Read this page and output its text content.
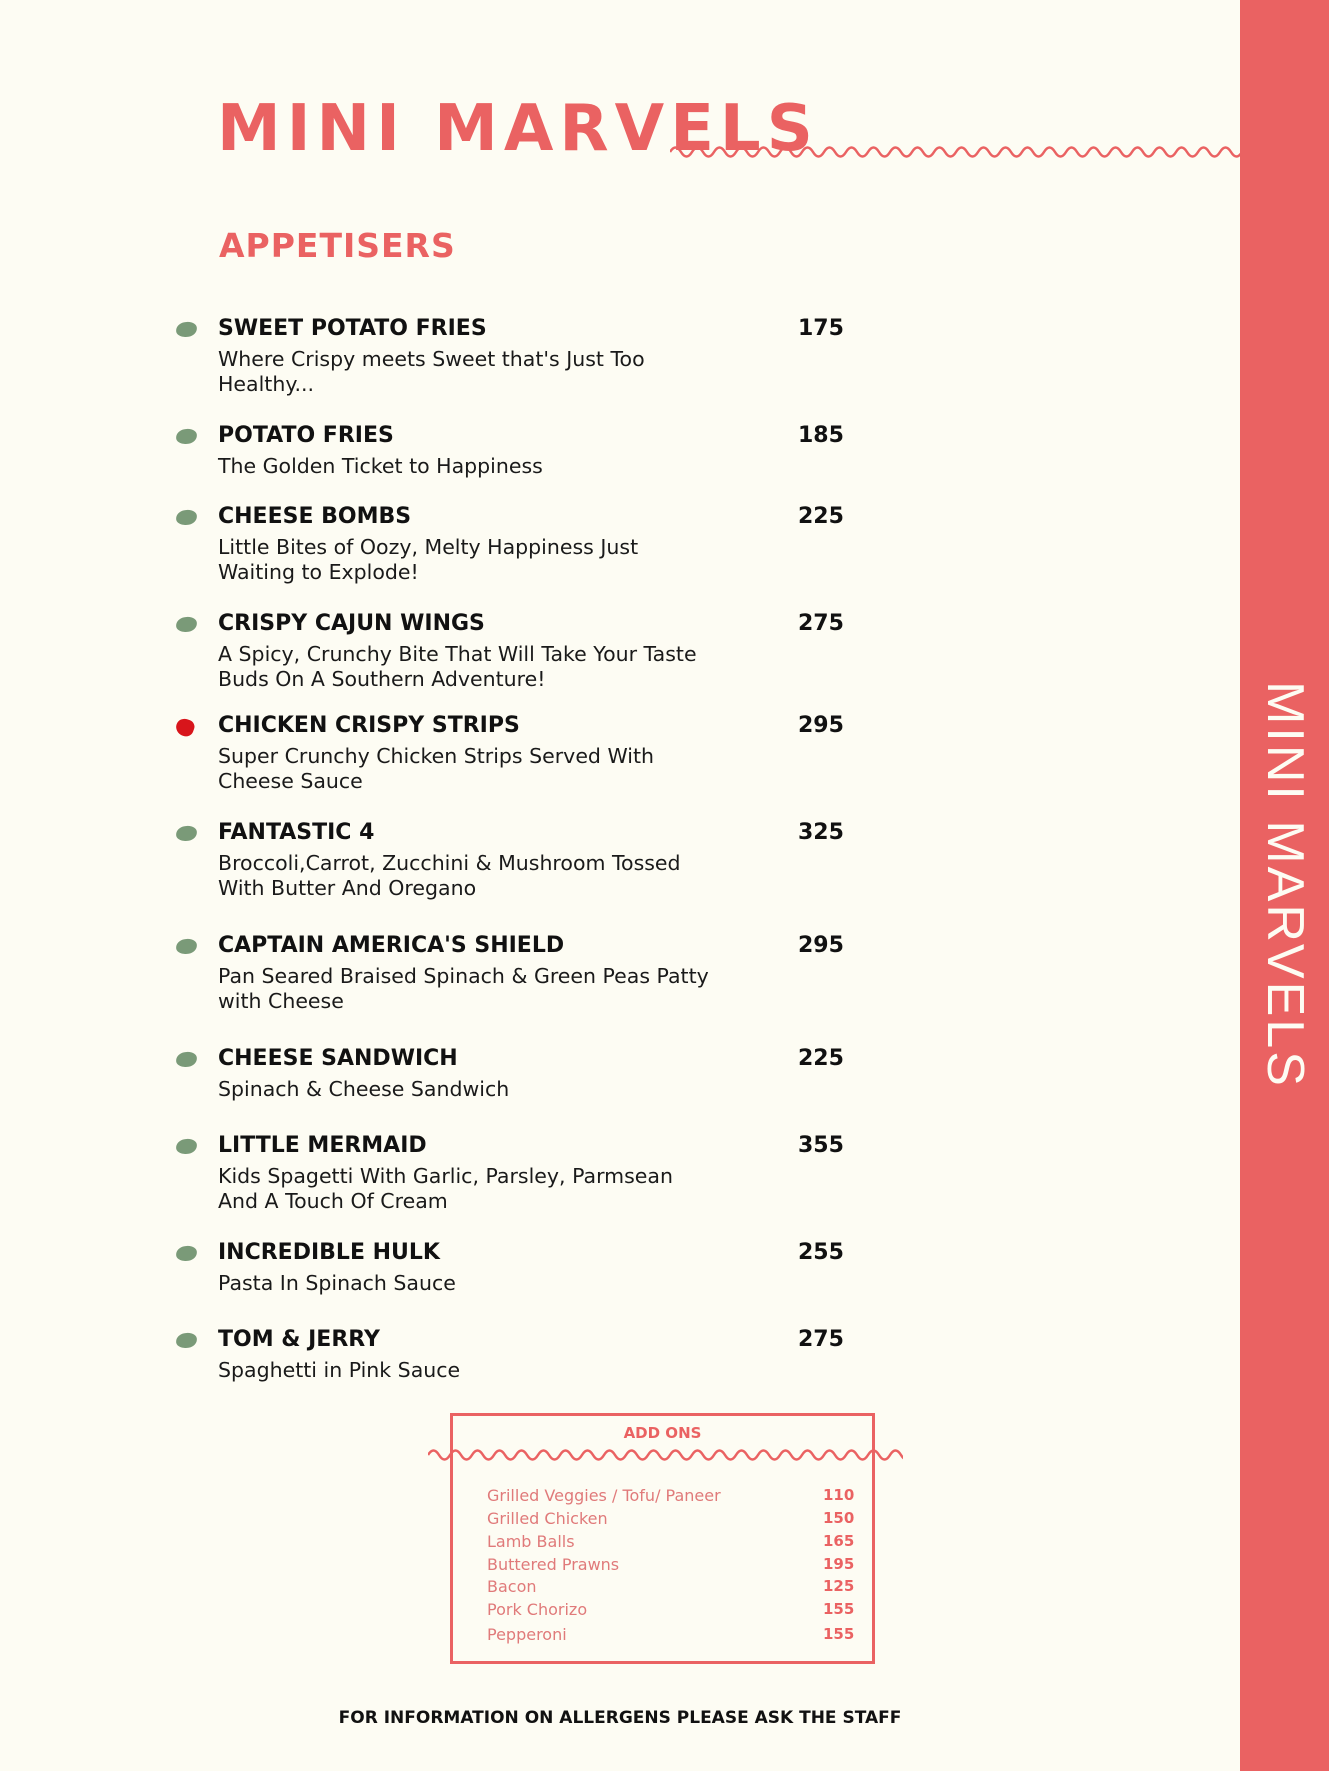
MINI MARVELS
MINI MARVELS
APPETISERS
SWEET POTATO FRIES

Where Crispy meets Sweet that's Just Too Healthy...

175
POTATO FRIES

The Golden Ticket to Happiness

185
CHEESE BOMBS

Little Bites of Oozy, Melty Happiness Just Waiting to Explode!

225
CRISPY CAJUN WINGS

A Spicy, Crunchy Bite That Will Take Your Taste Buds On A Southern Adventure!

275
CHICKEN CRISPY STRIPS

Super Crunchy Chicken Strips Served With Cheese Sauce

295
FANTASTIC 4

Broccoli,Carrot, Zucchini & Mushroom Tossed With Butter And Oregano

325
CAPTAIN AMERICA'S SHIELD

Pan Seared Braised Spinach & Green Peas Patty with Cheese

295
CHEESE SANDWICH

Spinach & Cheese Sandwich

225
LITTLE MERMAID

Kids Spagetti With Garlic, Parsley, Parmsean And A Touch Of Cream

355
INCREDIBLE HULK

Pasta In Spinach Sauce

255
TOM & JERRY

Spaghetti in Pink Sauce

275
ADD ONS
Grilled Veggies / Tofu/ Paneer	110
Grilled Chicken	150
Lamb Balls	165
Buttered Prawns	195
Bacon	125
Pork Chorizo	155
Pepperoni	155
FOR INFORMATION ON ALLERGENS PLEASE ASK THE STAFF
